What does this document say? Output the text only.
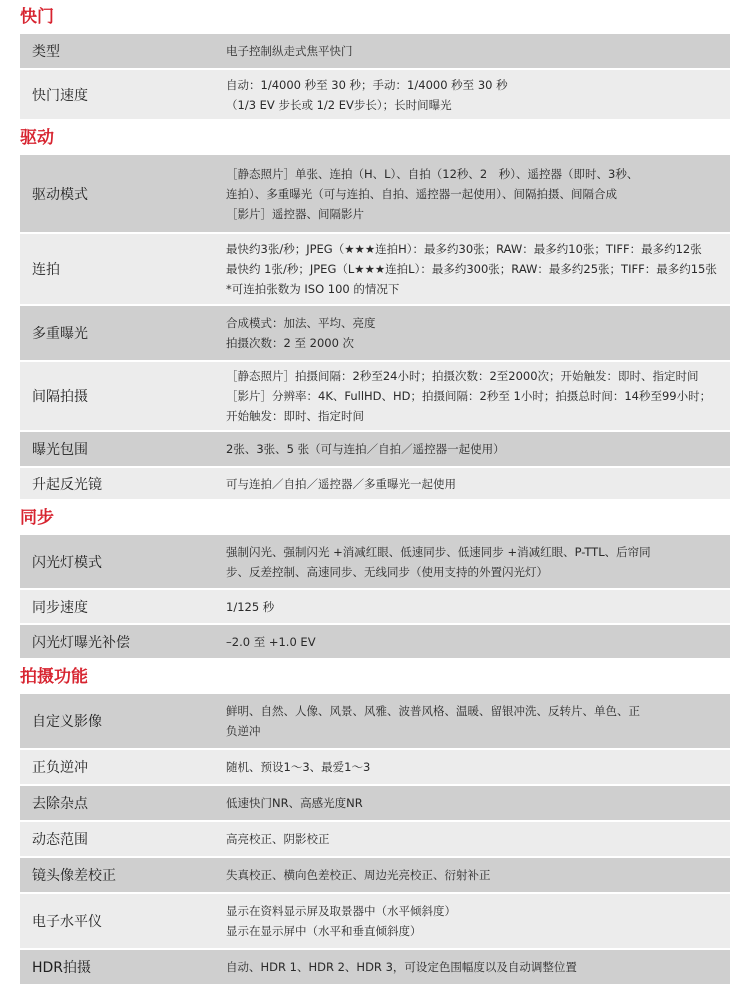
快门
类型	电子控制纵走式焦平快门

快门速度	自动：1/4000 秒至 30 秒；手动：1/4000 秒至 30 秒
（1/3 EV 步长或 1/2 EV步长）；长时间曝光
驱动
驱动模式	［静态照片］单张、连拍（H、L）、自拍（12秒、2　秒）、遥控器（即时、3秒、
连拍）、多重曝光（可与连拍、自拍、遥控器一起使用）、间隔拍摄、间隔合成
［影片］遥控器、间隔影片

连拍	最快约3张/秒；JPEG（★★★连拍H）：最多约30张；RAW：最多约10张；TIFF：最多约12张
最快约 1张/秒；JPEG（L★★★连拍L）：最多约300张；RAW：最多约25张；TIFF：最多约15张
*可连拍张数为 ISO 100 的情况下

多重曝光	合成模式：加法、平均、亮度
拍摄次数：2 至 2000 次

间隔拍摄	［静态照片］拍摄间隔：2秒至24小时；拍摄次数：2至2000次；开始触发：即时、指定时间
［影片］分辨率：4K、FullHD、HD；拍摄间隔：2秒至 1小时；拍摄总时间：14秒至99小时；
开始触发：即时、指定时间

曝光包围	2张、3张、5 张（可与连拍／自拍／遥控器一起使用）

升起反光镜	可与连拍／自拍／遥控器／多重曝光一起使用
同步
闪光灯模式	强制闪光、强制闪光 +消减红眼、低速同步、低速同步 +消减红眼、P-TTL、后帘同
步、反差控制、高速同步、无线同步（使用支持的外置闪光灯）

同步速度	1/125 秒

闪光灯曝光补偿	–2.0 至 +1.0 EV
拍摄功能
自定义影像	鲜明、自然、人像、风景、风雅、波普风格、温暖、留银冲洗、反转片、单色、正
负逆冲

正负逆冲	随机、预设1～3、最爱1～3

去除杂点	低速快门NR、高感光度NR

动态范围	高亮校正、阴影校正

镜头像差校正	失真校正、横向色差校正、周边光亮校正、衍射补正

电子水平仪	显示在资料显示屏及取景器中（水平倾斜度）
显示在显示屏中（水平和垂直倾斜度）

HDR拍摄	自动、HDR 1、HDR 2、HDR 3，可设定色围幅度以及自动调整位置
